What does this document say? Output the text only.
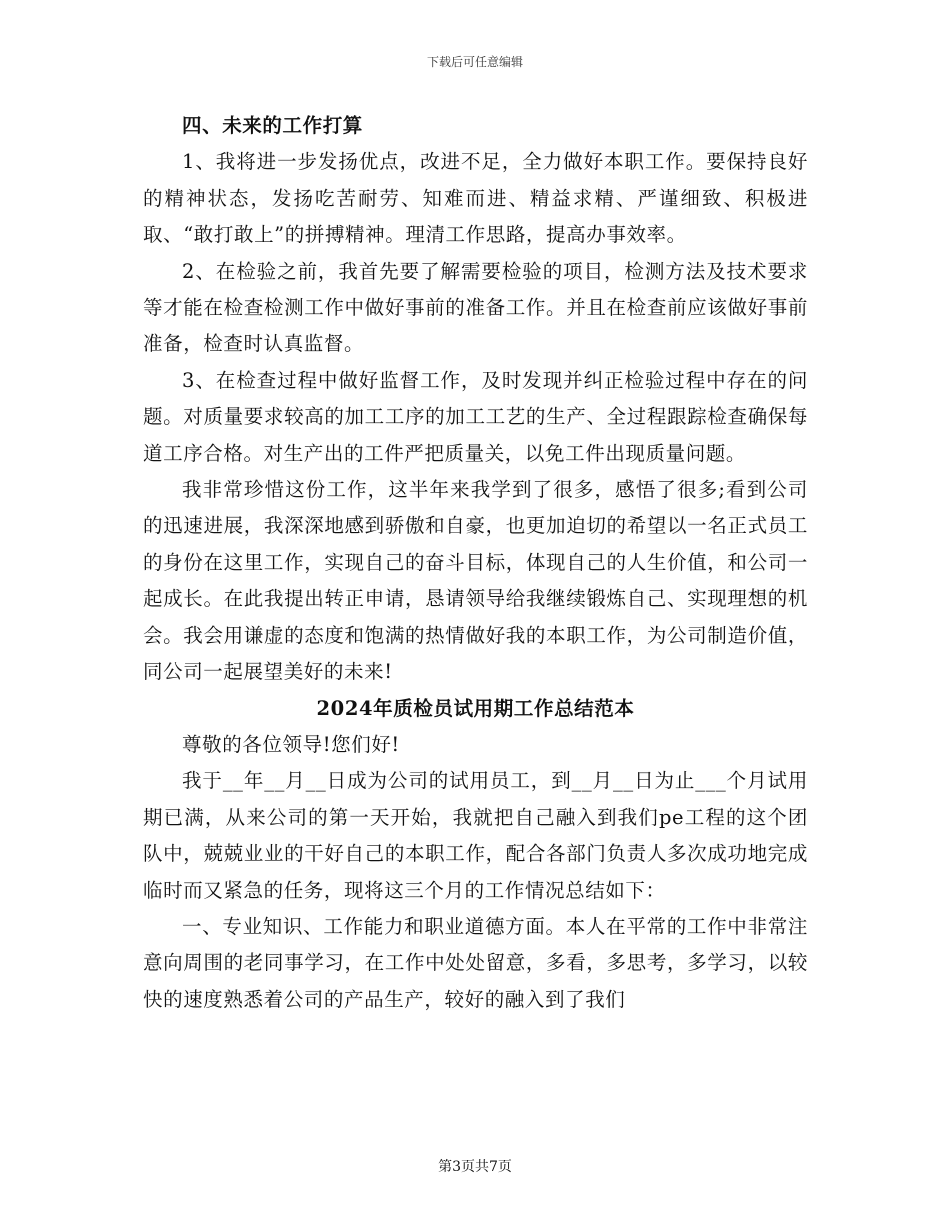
下载后可任意编辑

四、未来的工作打算

1、我将进一步发扬优点，改进不足，全力做好本职工作。要保持良好的精神状态，发扬吃苦耐劳、知难而进、精益求精、严谨细致、积极进取、“敢打敢上”的拼搏精神。理清工作思路，提高办事效率。

2、在检验之前，我首先要了解需要检验的项目，检测方法及技术要求等才能在检查检测工作中做好事前的准备工作。并且在检查前应该做好事前准备，检查时认真监督。

3、在检查过程中做好监督工作，及时发现并纠正检验过程中存在的问题。对质量要求较高的加工工序的加工工艺的生产、全过程跟踪检查确保每道工序合格。对生产出的工件严把质量关，以免工件出现质量问题。

我非常珍惜这份工作，这半年来我学到了很多，感悟了很多;看到公司的迅速进展，我深深地感到骄傲和自豪，也更加迫切的希望以一名正式员工的身份在这里工作，实现自己的奋斗目标，体现自己的人生价值，和公司一起成长。在此我提出转正申请，恳请领导给我继续锻炼自己、实现理想的机会。我会用谦虚的态度和饱满的热情做好我的本职工作，为公司制造价值，同公司一起展望美好的未来!

2024年质检员试用期工作总结范本

尊敬的各位领导!您们好!

我于__年__月__日成为公司的试用员工，到__月__日为止___个月试用期已满，从来公司的第一天开始，我就把自己融入到我们pe工程的这个团队中，兢兢业业的干好自己的本职工作，配合各部门负责人多次成功地完成临时而又紧急的任务，现将这三个月的工作情况总结如下：

一、专业知识、工作能力和职业道德方面。本人在平常的工作中非常注意向周围的老同事学习，在工作中处处留意，多看，多思考，多学习，以较快的速度熟悉着公司的产品生产，较好的融入到了我们

第3页共7页
